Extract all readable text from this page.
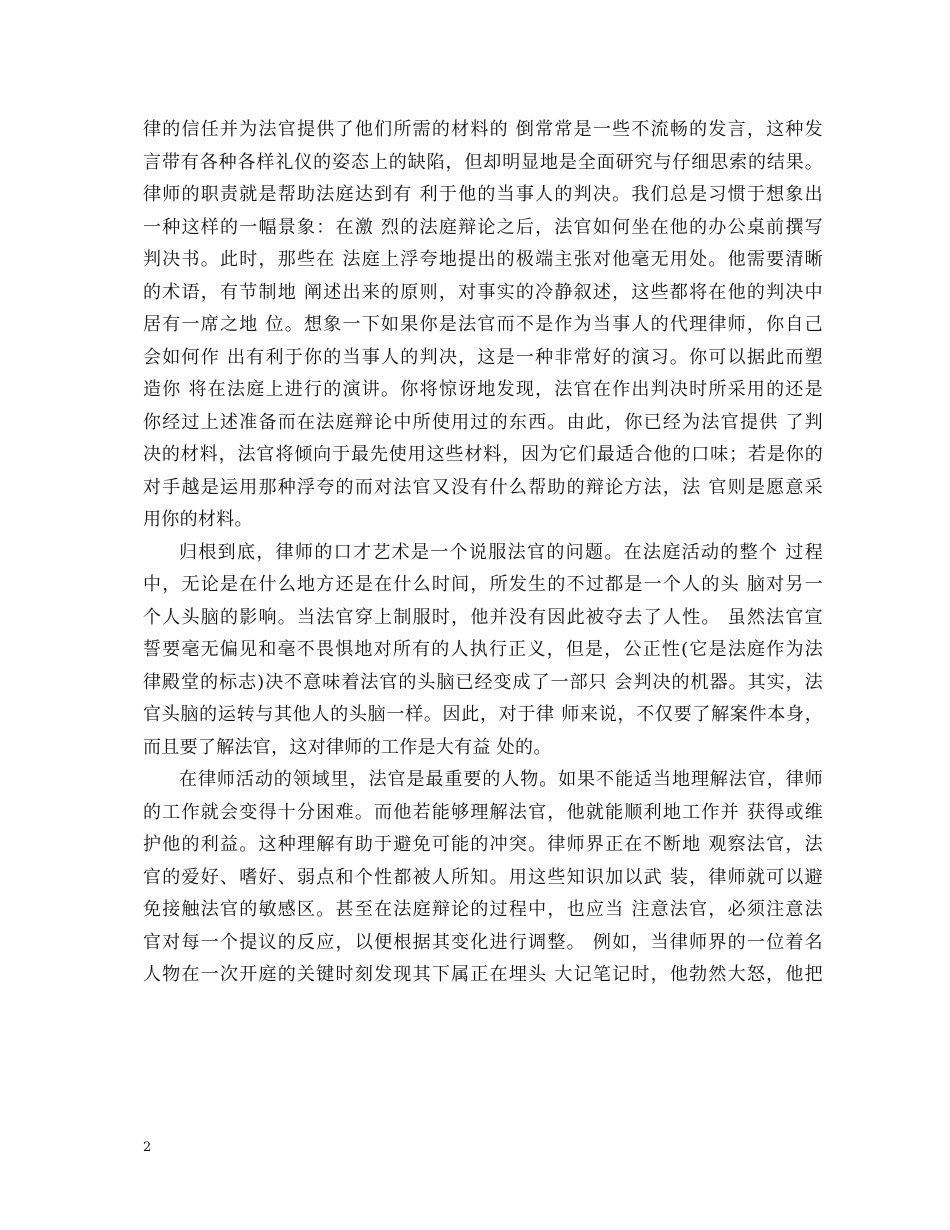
律的信任并为法官提供了他们所需的材料的 倒常常是一些不流畅的发言，这种发
言带有各种各样礼仪的姿态上的缺陷，但却明显地是全面研究与仔细思索的结果。
律师的职责就是帮助法庭达到有 利于他的当事人的判决。我们总是习惯于想象出
一种这样的一幅景象：在激 烈的法庭辩论之后，法官如何坐在他的办公桌前撰写
判决书。此时，那些在 法庭上浮夸地提出的极端主张对他毫无用处。他需要清晰
的术语，有节制地 阐述出来的原则，对事实的冷静叙述，这些都将在他的判决中
居有一席之地 位。想象一下如果你是法官而不是作为当事人的代理律师，你自己
会如何作 出有利于你的当事人的判决，这是一种非常好的演习。你可以据此而塑
造你 将在法庭上进行的演讲。你将惊讶地发现，法官在作出判决时所采用的还是
你经过上述准备而在法庭辩论中所使用过的东西。由此，你已经为法官提供 了判
决的材料，法官将倾向于最先使用这些材料，因为它们最适合他的口味；若是你的
对手越是运用那种浮夸的而对法官又没有什么帮助的辩论方法，法 官则是愿意采
用你的材料。
归根到底，律师的口才艺术是一个说服法官的问题。在法庭活动的整个 过程
中，无论是在什么地方还是在什么时间，所发生的不过都是一个人的头 脑对另一
个人头脑的影响。当法官穿上制服时，他并没有因此被夺去了人性。 虽然法官宣
誓要毫无偏见和毫不畏惧地对所有的人执行正义，但是，公正性(它是法庭作为法
律殿堂的标志)决不意味着法官的头脑已经变成了一部只 会判决的机器。其实，法
官头脑的运转与其他人的头脑一样。因此，对于律 师来说，不仅要了解案件本身，
而且要了解法官，这对律师的工作是大有益 处的。
在律师活动的领域里，法官是最重要的人物。如果不能适当地理解法官，律师
的工作就会变得十分困难。而他若能够理解法官，他就能顺利地工作并 获得或维
护他的利益。这种理解有助于避免可能的冲突。律师界正在不断地 观察法官，法
官的爱好、嗜好、弱点和个性都被人所知。用这些知识加以武 装，律师就可以避
免接触法官的敏感区。甚至在法庭辩论的过程中，也应当 注意法官，必须注意法
官对每一个提议的反应，以便根据其变化进行调整。 例如，当律师界的一位着名
人物在一次开庭的关键时刻发现其下属正在埋头 大记笔记时，他勃然大怒，他把
2
